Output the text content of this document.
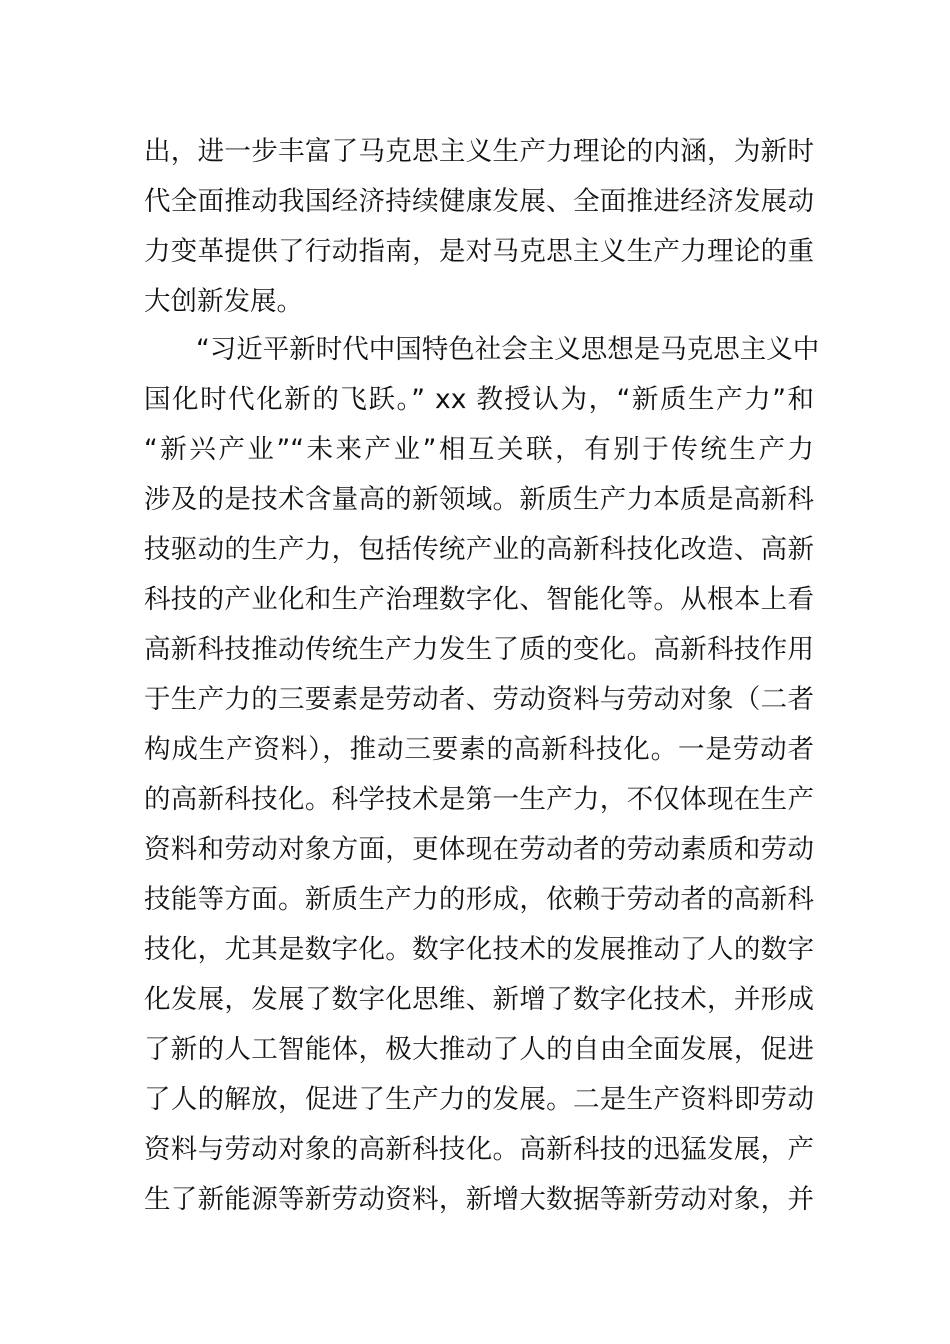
出，进一步丰富了马克思主义生产力理论的内涵，为新时
代全面推动我国经济持续健康发展、全面推进经济发展动
力变革提供了行动指南，是对马克思主义生产力理论的重
大创新发展。
“习近平新时代中国特色社会主义思想是马克思主义中
国化时代化新的飞跃。” xx 教授认为，“新质生产力”和
“新兴产业”“未来产业”相互关联，有别于传统生产力
涉及的是技术含量高的新领域。新质生产力本质是高新科
技驱动的生产力，包括传统产业的高新科技化改造、高新
科技的产业化和生产治理数字化、智能化等。从根本上看
高新科技推动传统生产力发生了质的变化。高新科技作用
于生产力的三要素是劳动者、劳动资料与劳动对象（二者
构成生产资料），推动三要素的高新科技化。一是劳动者
的高新科技化。科学技术是第一生产力，不仅体现在生产
资料和劳动对象方面，更体现在劳动者的劳动素质和劳动
技能等方面。新质生产力的形成，依赖于劳动者的高新科
技化，尤其是数字化。数字化技术的发展推动了人的数字
化发展，发展了数字化思维、新增了数字化技术，并形成
了新的人工智能体，极大推动了人的自由全面发展，促进
了人的解放，促进了生产力的发展。二是生产资料即劳动
资料与劳动对象的高新科技化。高新科技的迅猛发展，产
生了新能源等新劳动资料，新增大数据等新劳动对象，并
